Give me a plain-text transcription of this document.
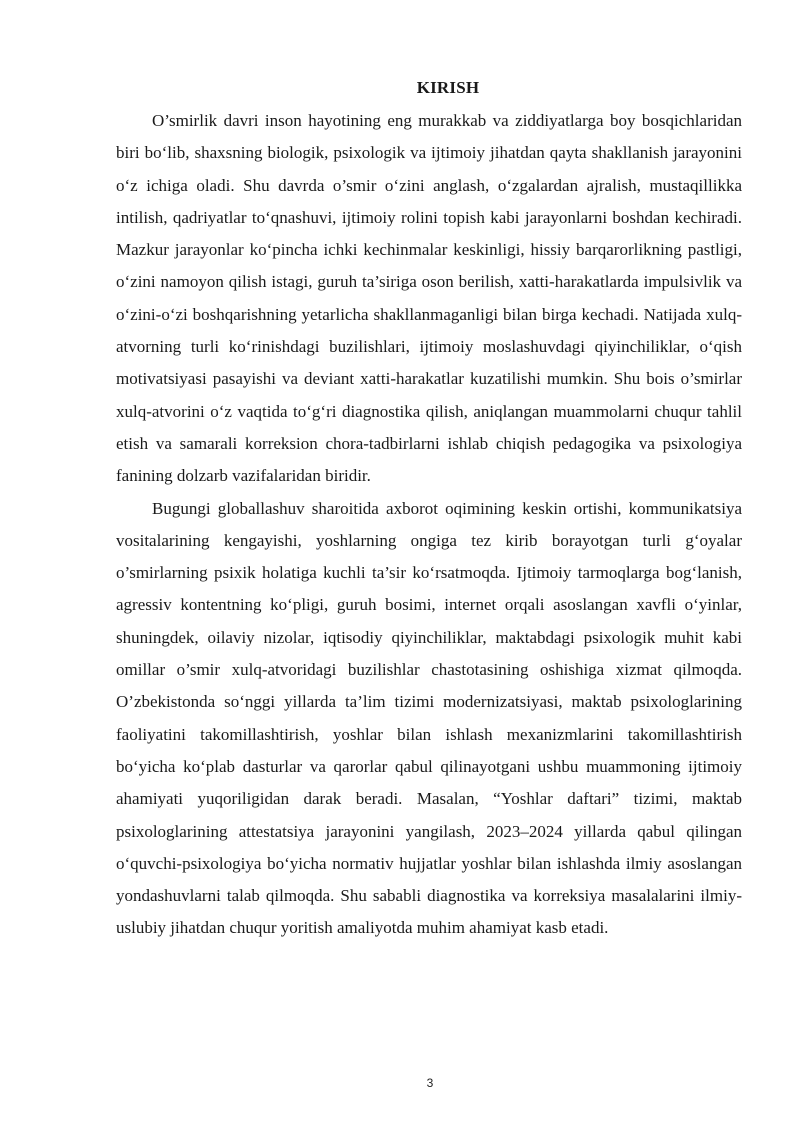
KIRISH

O’smirlik davri inson hayotining eng murakkab va ziddiyatlarga boy bosqichlaridan biri bo‘lib, shaxsning biologik, psixologik va ijtimoiy jihatdan qayta shakllanish jarayonini o‘z ichiga oladi. Shu davrda o’smir o‘zini anglash, o‘zgalardan ajralish, mustaqillikka intilish, qadriyatlar to‘qnashuvi, ijtimoiy rolini topish kabi jarayonlarni boshdan kechiradi. Mazkur jarayonlar ko‘pincha ichki kechinmalar keskinligi, hissiy barqarorlikning pastligi, o‘zini namoyon qilish istagi, guruh ta’siriga oson berilish, xatti-harakatlarda impulsivlik va o‘zini-o‘zi boshqarishning yetarlicha shakllanmaganligi bilan birga kechadi. Natijada xulq-atvorning turli ko‘rinishdagi buzilishlari, ijtimoiy moslashuvdagi qiyinchiliklar, o‘qish motivatsiyasi pasayishi va deviant xatti-harakatlar kuzatilishi mumkin. Shu bois o’smirlar xulq-atvorini o‘z vaqtida to‘g‘ri diagnostika qilish, aniqlangan muammolarni chuqur tahlil etish va samarali korreksion chora-tadbirlarni ishlab chiqish pedagogika va psixologiya fanining dolzarb vazifalaridan biridir.

Bugungi globallashuv sharoitida axborot oqimining keskin ortishi, kommunikatsiya vositalarining kengayishi, yoshlarning ongiga tez kirib borayotgan turli g‘oyalar o’smirlarning psixik holatiga kuchli ta’sir ko‘rsatmoqda. Ijtimoiy tarmoqlarga bog‘lanish, agressiv kontentning ko‘pligi, guruh bosimi, internet orqali asoslangan xavfli o‘yinlar, shuningdek, oilaviy nizolar, iqtisodiy qiyinchiliklar, maktabdagi psixologik muhit kabi omillar o’smir xulq-atvoridagi buzilishlar chastotasining oshishiga xizmat qilmoqda. O’zbekistonda so‘nggi yillarda ta’lim tizimi modernizatsiyasi, maktab psixologlarining faoliyatini takomillashtirish, yoshlar bilan ishlash mexanizmlarini takomillashtirish bo‘yicha ko‘plab dasturlar va qarorlar qabul qilinayotgani ushbu muammoning ijtimoiy ahamiyati yuqoriligidan darak beradi. Masalan, “Yoshlar daftari” tizimi, maktab psixologlarining attestatsiya jarayonini yangilash, 2023–2024 yillarda qabul qilingan o‘quvchi-psixologiya bo‘yicha normativ hujjatlar yoshlar bilan ishlashda ilmiy asoslangan yondashuvlarni talab qilmoqda. Shu sababli diagnostika va korreksiya masalalarini ilmiy-uslubiy jihatdan chuqur yoritish amaliyotda muhim ahamiyat kasb etadi.

3
